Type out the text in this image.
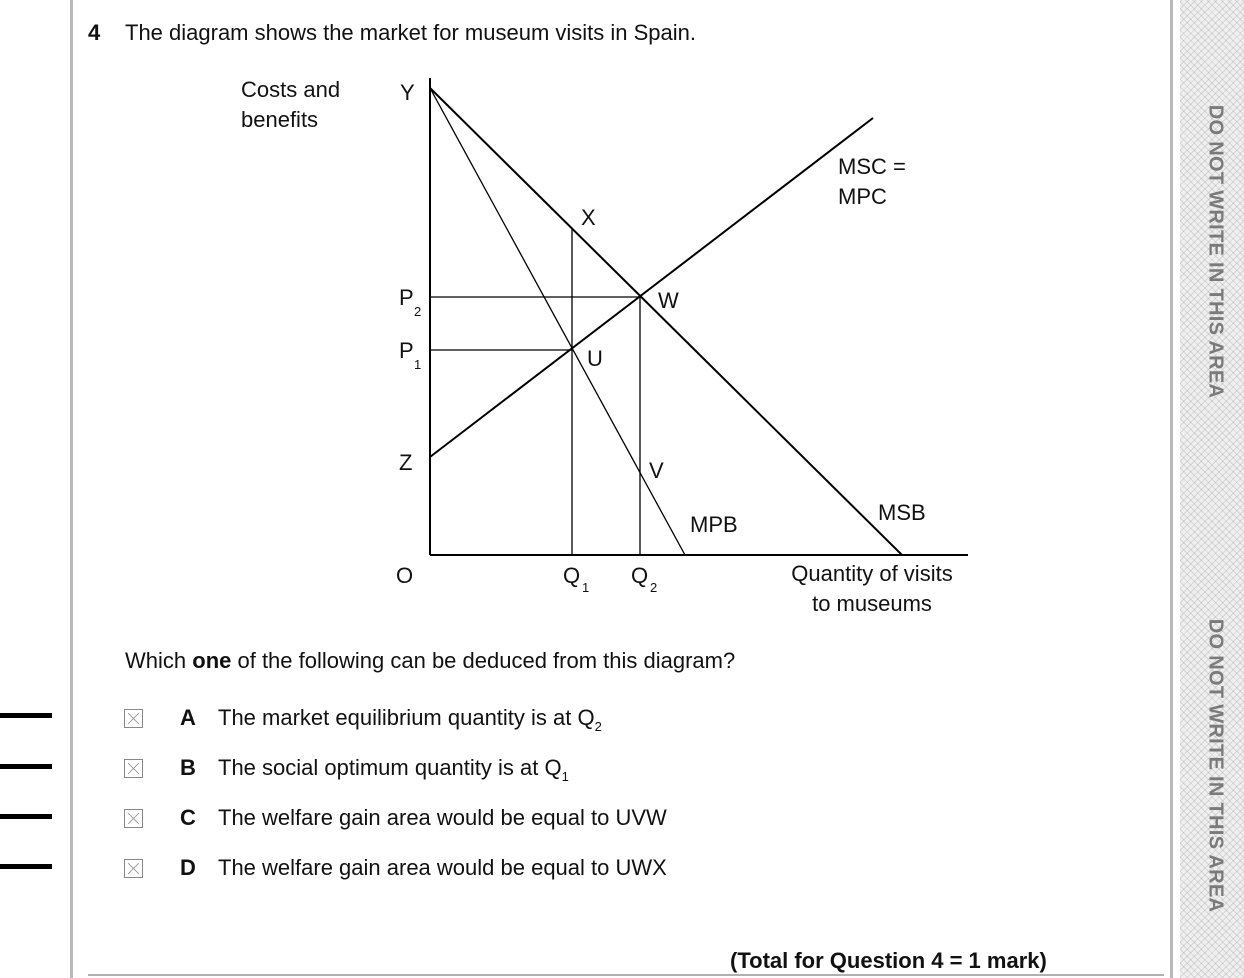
DO NOT WRITE IN THIS AREA
DO NOT WRITE IN THIS AREA
4 The diagram shows the market for museum visits in Spain.
Costs and
benefits
Quantity of visits
to museums
Y
X
W
U
V
Z
O
P
2
P
1
Q 1 Q 2
MSC =
MPC
MSB
MPB
Which one of the following can be deduced from this diagram?
A The market equilibrium quantity is at $Q_2$
B The social optimum quantity is at $Q_1$
C The welfare gain area would be equal to UVW
D The welfare gain area would be equal to UWX
(Total for Question 4 = 1 mark)
